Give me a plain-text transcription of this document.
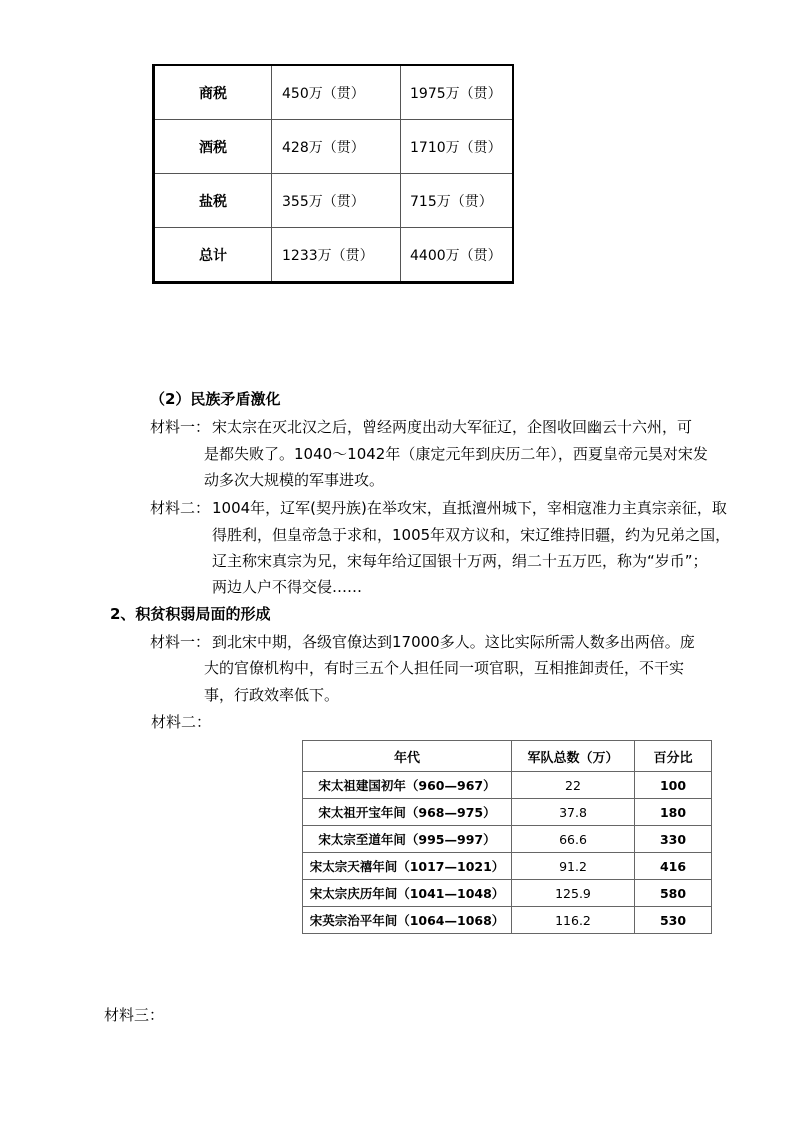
商税	450万（贯）	1975万（贯）
酒税	428万（贯）	1710万（贯）
盐税	355万（贯）	715万（贯）
总计	1233万（贯）	4400万（贯）
（2）民族矛盾激化
材料一： 宋太宗在灭北汉之后，曾经两度出动大军征辽，企图收回幽云十六州，可
是都失败了。1040～1042年（康定元年到庆历二年），西夏皇帝元昊对宋发
动多次大规模的军事进攻。
材料二： 1004年，辽军(契丹族)在举攻宋，直抵澶州城下，宰相寇准力主真宗亲征，取
得胜利，但皇帝急于求和，1005年双方议和，宋辽维持旧疆，约为兄弟之国，
辽主称宋真宗为兄，宋每年给辽国银十万两，绢二十五万匹，称为“岁币”；
两边人户不得交侵……
2、积贫积弱局面的形成
材料一： 到北宋中期，各级官僚达到17000多人。这比实际所需人数多出两倍。庞
大的官僚机构中，有时三五个人担任同一项官职，互相推卸责任，不干实
事，行政效率低下。
材料二：
年代	军队总数（万）	百分比
宋太祖建国初年（960—967）	22	100
宋太祖开宝年间（968—975）	37.8	180
宋太宗至道年间（995—997）	66.6	330
宋太宗天禧年间（1017—1021）	91.2	416
宋太宗庆历年间（1041—1048）	125.9	580
宋英宗治平年间（1064—1068）	116.2	530
材料三：
